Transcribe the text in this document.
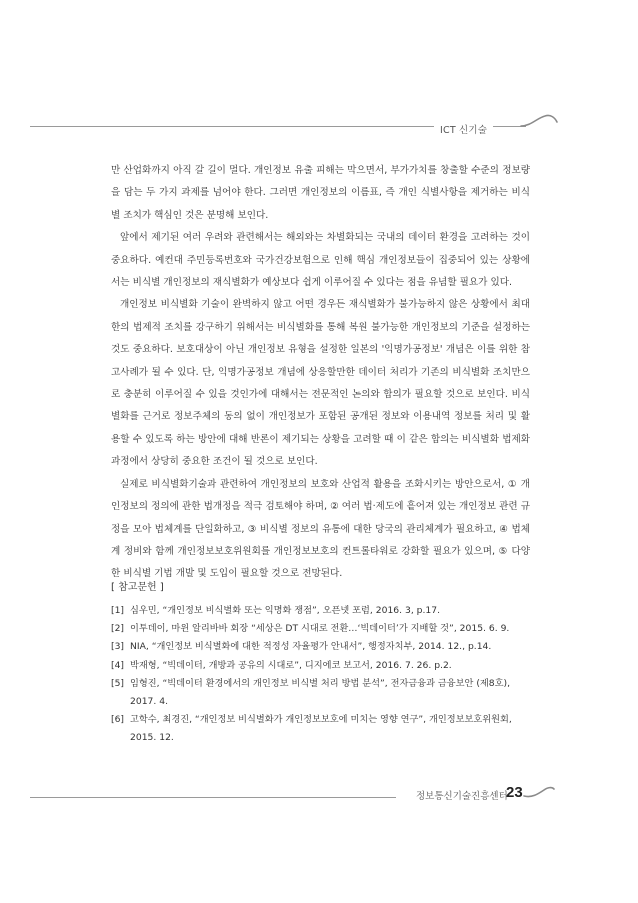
ICT 신기술

만 산업화까지 아직 갈 길이 멀다. 개인정보 유출 피해는 막으면서, 부가가치를 창출할 수준의 정보량을 담는 두 가지 과제를 넘어야 한다. 그러면 개인정보의 이름표, 즉 개인 식별사항을 제거하는 비식별 조치가 핵심인 것은 분명해 보인다.

앞에서 제기된 여러 우려와 관련해서는 해외와는 차별화되는 국내의 데이터 환경을 고려하는 것이 중요하다. 예컨대 주민등록번호와 국가건강보험으로 인해 핵심 개인정보들이 집중되어 있는 상황에서는 비식별 개인정보의 재식별화가 예상보다 쉽게 이루어질 수 있다는 점을 유념할 필요가 있다.

개인정보 비식별화 기술이 완벽하지 않고 어떤 경우든 재식별화가 불가능하지 않은 상황에서 최대한의 법제적 조치를 강구하기 위해서는 비식별화를 통해 복원 불가능한 개인정보의 기준을 설정하는 것도 중요하다. 보호대상이 아닌 개인정보 유형을 설정한 일본의 '익명가공정보' 개념은 이를 위한 참고사례가 될 수 있다. 단, 익명가공정보 개념에 상응할만한 데이터 처리가 기존의 비식별화 조치만으로 충분히 이루어질 수 있을 것인가에 대해서는 전문적인 논의와 합의가 필요할 것으로 보인다. 비식별화를 근거로 정보주체의 동의 없이 개인정보가 포함된 공개된 정보와 이용내역 정보를 처리 및 활용할 수 있도록 하는 방안에 대해 반론이 제기되는 상황을 고려할 때 이 같은 합의는 비식별화 법제화 과정에서 상당히 중요한 조건이 될 것으로 보인다.

실제로 비식별화기술과 관련하여 개인정보의 보호와 산업적 활용을 조화시키는 방안으로서, ① 개인정보의 정의에 관한 법개정을 적극 검토해야 하며, ② 여러 법·제도에 흩어져 있는 개인정보 관련 규정을 모아 법체계를 단일화하고, ③ 비식별 정보의 유통에 대한 당국의 관리체계가 필요하고, ④ 법체계 정비와 함께 개인정보보호위원회를 개인정보보호의 컨트롤타워로 강화할 필요가 있으며, ⑤ 다양한 비식별 기법 개발 및 도입이 필요할 것으로 전망된다.

[ 참고문헌 ]
[1] 심우민, “개인정보 비식별화 또는 익명화 쟁점”, 오픈넷 포럼, 2016. 3, p.17.
[2] 이투데이, 마윈 알리바바 회장 “세상은 DT 시대로 전환…‘빅데이터’가 지배할 것”, 2015. 6. 9.
[3] NIA, “개인정보 비식별화에 대한 적정성 자율평가 안내서”, 행정자치부, 2014. 12., p.14.
[4] 박재형, “빅데이터, 개방과 공유의 시대로”, 디지에코 보고서, 2016. 7. 26. p.2.
[5] 임형진, “빅데이터 환경에서의 개인정보 비식별 처리 방법 분석”, 전자금융과 금융보안 (제8호), 2017. 4.
[6] 고학수, 최경진, “개인정보 비식별화가 개인정보보호에 미치는 영향 연구”, 개인정보보호위원회, 2015. 12.
정보통신기술진흥센터
23
